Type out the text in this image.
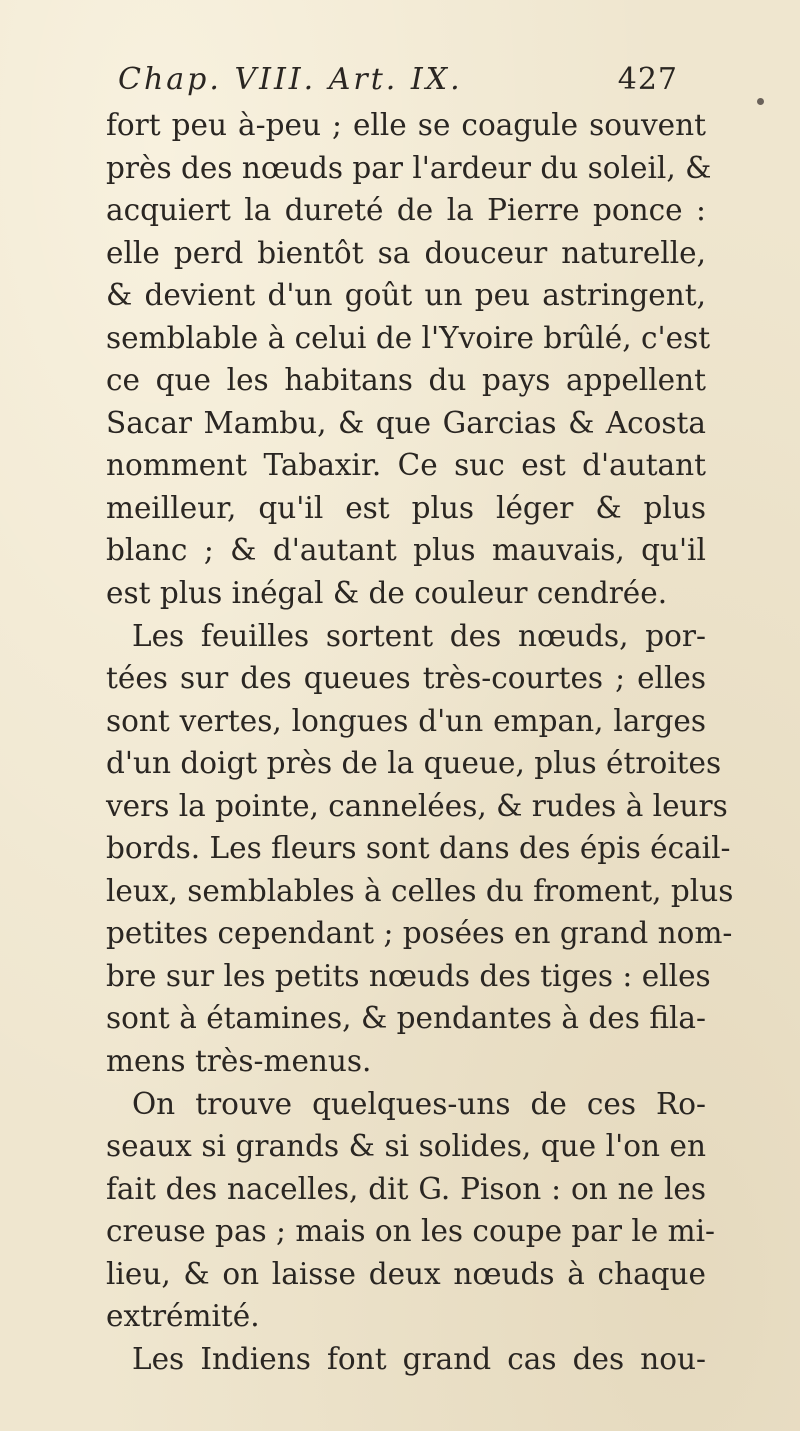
Chap. VIII. Art. IX.	427
fort peu à-peu ; elle se coagule souvent
près des nœuds par l'ardeur du soleil, &
acquiert la dureté de la Pierre ponce :
elle perd bientôt sa douceur naturelle,
& devient d'un goût un peu astringent,
semblable à celui de l'Yvoire brûlé, c'est
ce que les habitans du pays appellent
Sacar Mambu, & que Garcias & Acosta
nomment Tabaxir. Ce suc est d'autant
meilleur, qu'il est plus léger & plus
blanc ; & d'autant plus mauvais, qu'il
est plus inégal & de couleur cendrée.
Les feuilles sortent des nœuds, por-
tées sur des queues très-courtes ; elles
sont vertes, longues d'un empan, larges
d'un doigt près de la queue, plus étroites
vers la pointe, cannelées, & rudes à leurs
bords. Les fleurs sont dans des épis écail-
leux, semblables à celles du froment, plus
petites cependant ; posées en grand nom-
bre sur les petits nœuds des tiges : elles
sont à étamines, & pendantes à des fila-
mens très-menus.
On trouve quelques-uns de ces Ro-
seaux si grands & si solides, que l'on en
fait des nacelles, dit G. Pison : on ne les
creuse pas ; mais on les coupe par le mi-
lieu, & on laisse deux nœuds à chaque
extrémité.
Les Indiens font grand cas des nou-
